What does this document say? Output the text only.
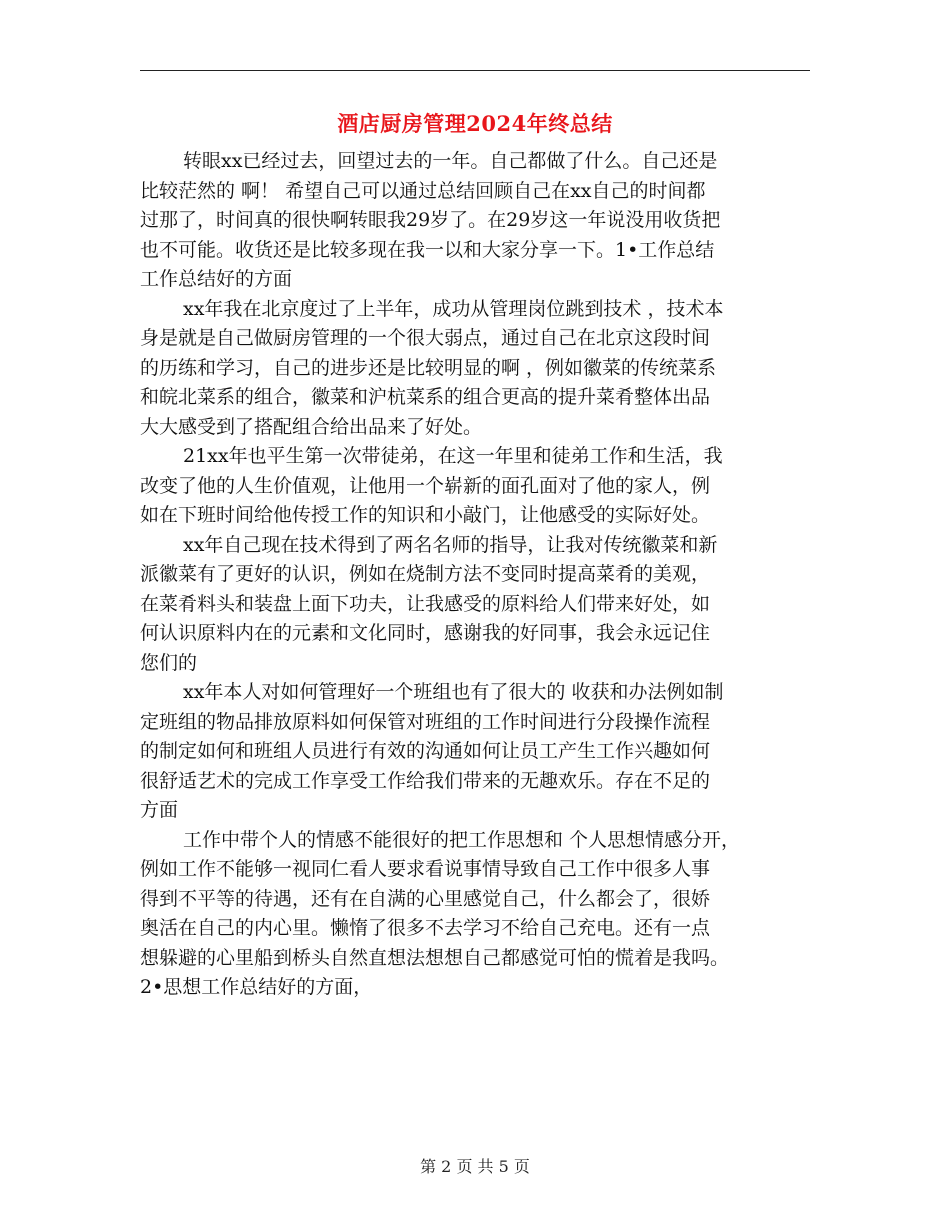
酒店厨房管理2024年终总结
转眼xx已经过去，回望过去的一年。自己都做了什么。自己还是
比较茫然的 啊！ 希望自己可以通过总结回顾自己在xx自己的时间都
过那了，时间真的很快啊转眼我29岁了。在29岁这一年说没用收货把
也不可能。收货还是比较多现在我一以和大家分享一下。1•工作总结
工作总结好的方面
xx年我在北京度过了上半年，成功从管理岗位跳到技术 ，技术本
身是就是自己做厨房管理的一个很大弱点，通过自己在北京这段时间
的历练和学习，自己的进步还是比较明显的啊 ，例如徽菜的传统菜系
和皖北菜系的组合，徽菜和沪杭菜系的组合更高的提升菜肴整体出品
大大感受到了搭配组合给出品来了好处。
21xx年也平生第一次带徒弟，在这一年里和徒弟工作和生活，我
改变了他的人生价值观，让他用一个崭新的面孔面对了他的家人，例
如在下班时间给他传授工作的知识和小敲门，让他感受的实际好处。
xx年自己现在技术得到了两名名师的指导，让我对传统徽菜和新
派徽菜有了更好的认识，例如在烧制方法不变同时提高菜肴的美观，
在菜肴料头和装盘上面下功夫，让我感受的原料给人们带来好处，如
何认识原料内在的元素和文化同时，感谢我的好同事，我会永远记住
您们的
xx年本人对如何管理好一个班组也有了很大的 收获和办法例如制
定班组的物品排放原料如何保管对班组的工作时间进行分段操作流程
的制定如何和班组人员进行有效的沟通如何让员工产生工作兴趣如何
很舒适艺术的完成工作享受工作给我们带来的无趣欢乐。存在不足的
方面
工作中带个人的情感不能很好的把工作思想和 个人思想情感分开，
例如工作不能够一视同仁看人要求看说事情导致自己工作中很多人事
得到不平等的待遇，还有在自满的心里感觉自己，什么都会了，很娇
奥活在自己的内心里。懒惰了很多不去学习不给自己充电。还有一点
想躲避的心里船到桥头自然直想法想想自己都感觉可怕的慌着是我吗。
2•思想工作总结好的方面，
第 2 页 共 5 页
